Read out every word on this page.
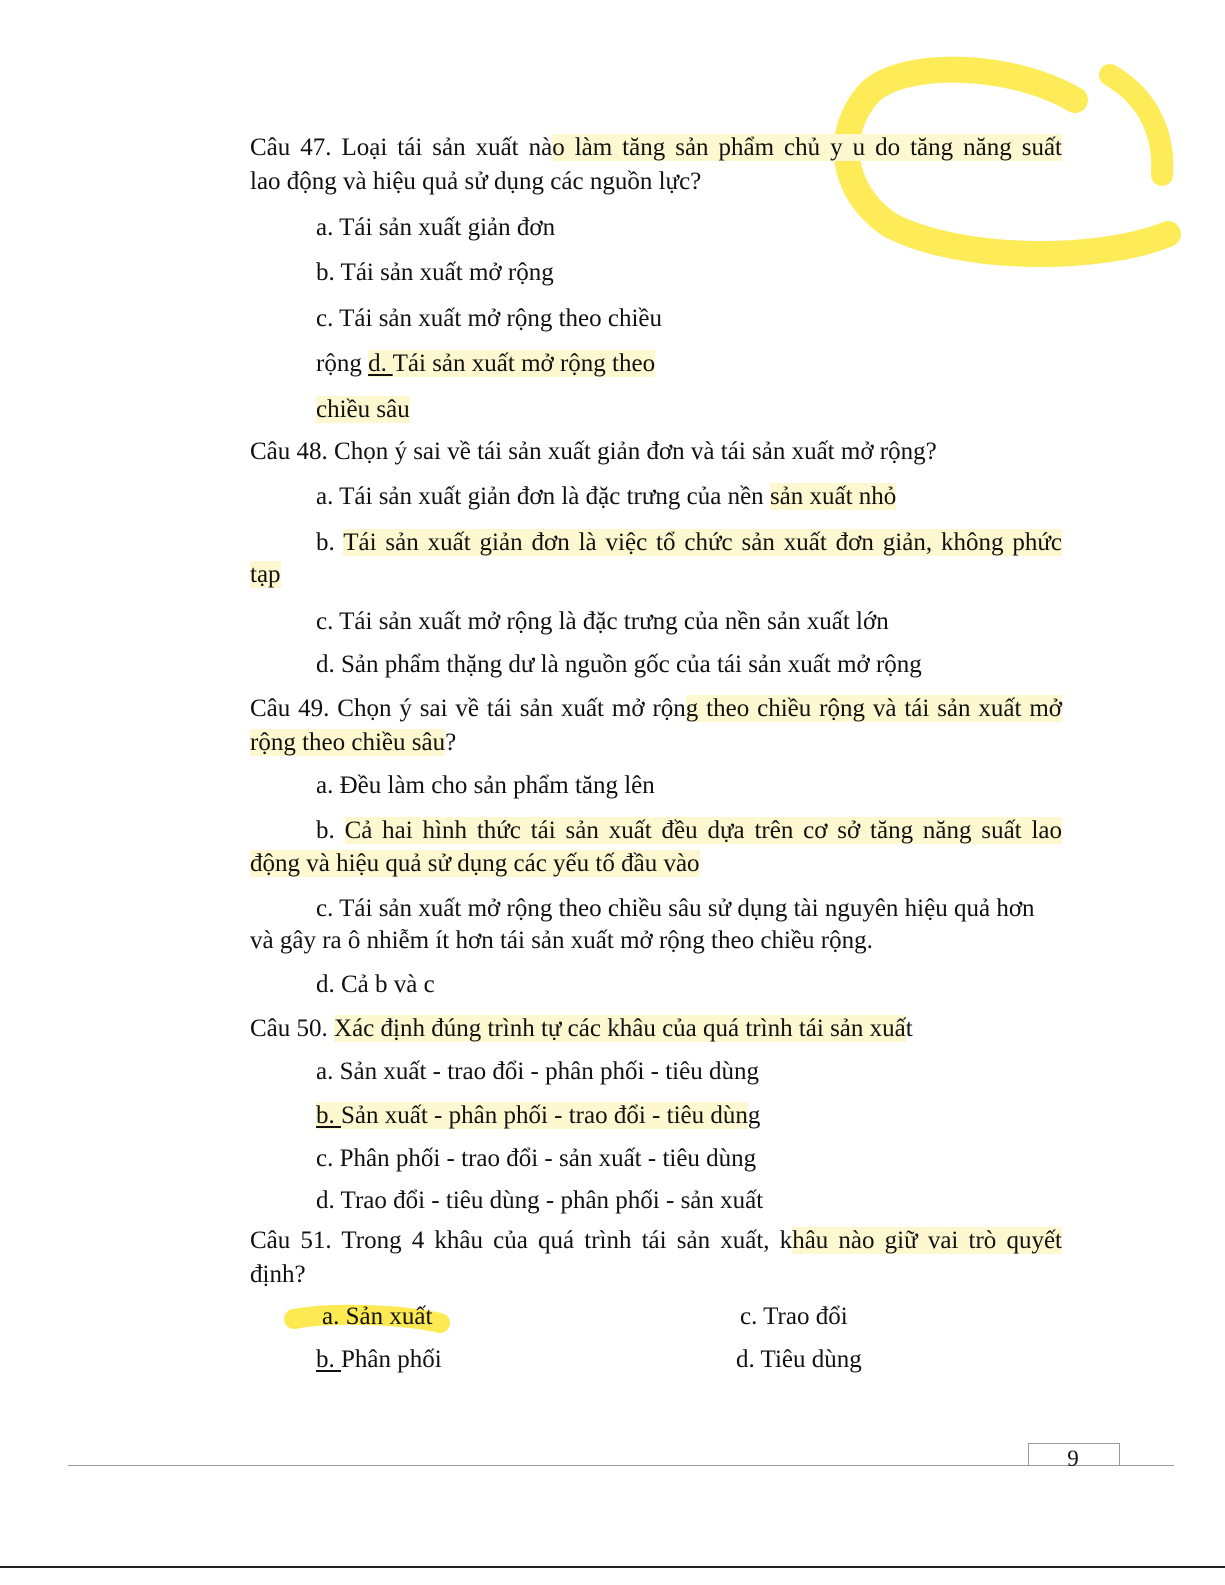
Câu 47. Loại tái sản xuất nào làm tăng sản phẩm chủ y u do tăng năng suất
lao động và hiệu quả sử dụng các nguồn lực?
a. Tái sản xuất giản đơn
b. Tái sản xuất mở rộng
c. Tái sản xuất mở rộng theo chiều
rộng d. Tái sản xuất mở rộng theo
chiều sâu
Câu 48. Chọn ý sai về tái sản xuất giản đơn và tái sản xuất mở rộng?
a. Tái sản xuất giản đơn là đặc trưng của nền sản xuất nhỏ
b. Tái sản xuất giản đơn là việc tổ chức sản xuất đơn giản, không phức
tạp
c. Tái sản xuất mở rộng là đặc trưng của nền sản xuất lớn
d. Sản phẩm thặng dư là nguồn gốc của tái sản xuất mở rộng
Câu 49. Chọn ý sai về tái sản xuất mở rộng theo chiều rộng và tái sản xuất mở
rộng theo chiều sâu?
a. Đều làm cho sản phẩm tăng lên
b. Cả hai hình thức tái sản xuất đều dựa trên cơ sở tăng năng suất lao
động và hiệu quả sử dụng các yếu tố đầu vào
c. Tái sản xuất mở rộng theo chiều sâu sử dụng tài nguyên hiệu quả hơn
và gây ra ô nhiễm ít hơn tái sản xuất mở rộng theo chiều rộng.
d. Cả b và c
Câu 50. Xác định đúng trình tự các khâu của quá trình tái sản xuất
a. Sản xuất - trao đổi - phân phối - tiêu dùng
b. Sản xuất - phân phối - trao đổi - tiêu dùng
c. Phân phối - trao đổi - sản xuất - tiêu dùng
d. Trao đổi - tiêu dùng - phân phối - sản xuất
Câu 51. Trong 4 khâu của quá trình tái sản xuất, khâu nào giữ vai trò quyết
định?
a. Sản xuất	c. Trao đổi
b. Phân phối	d. Tiêu dùng
9
